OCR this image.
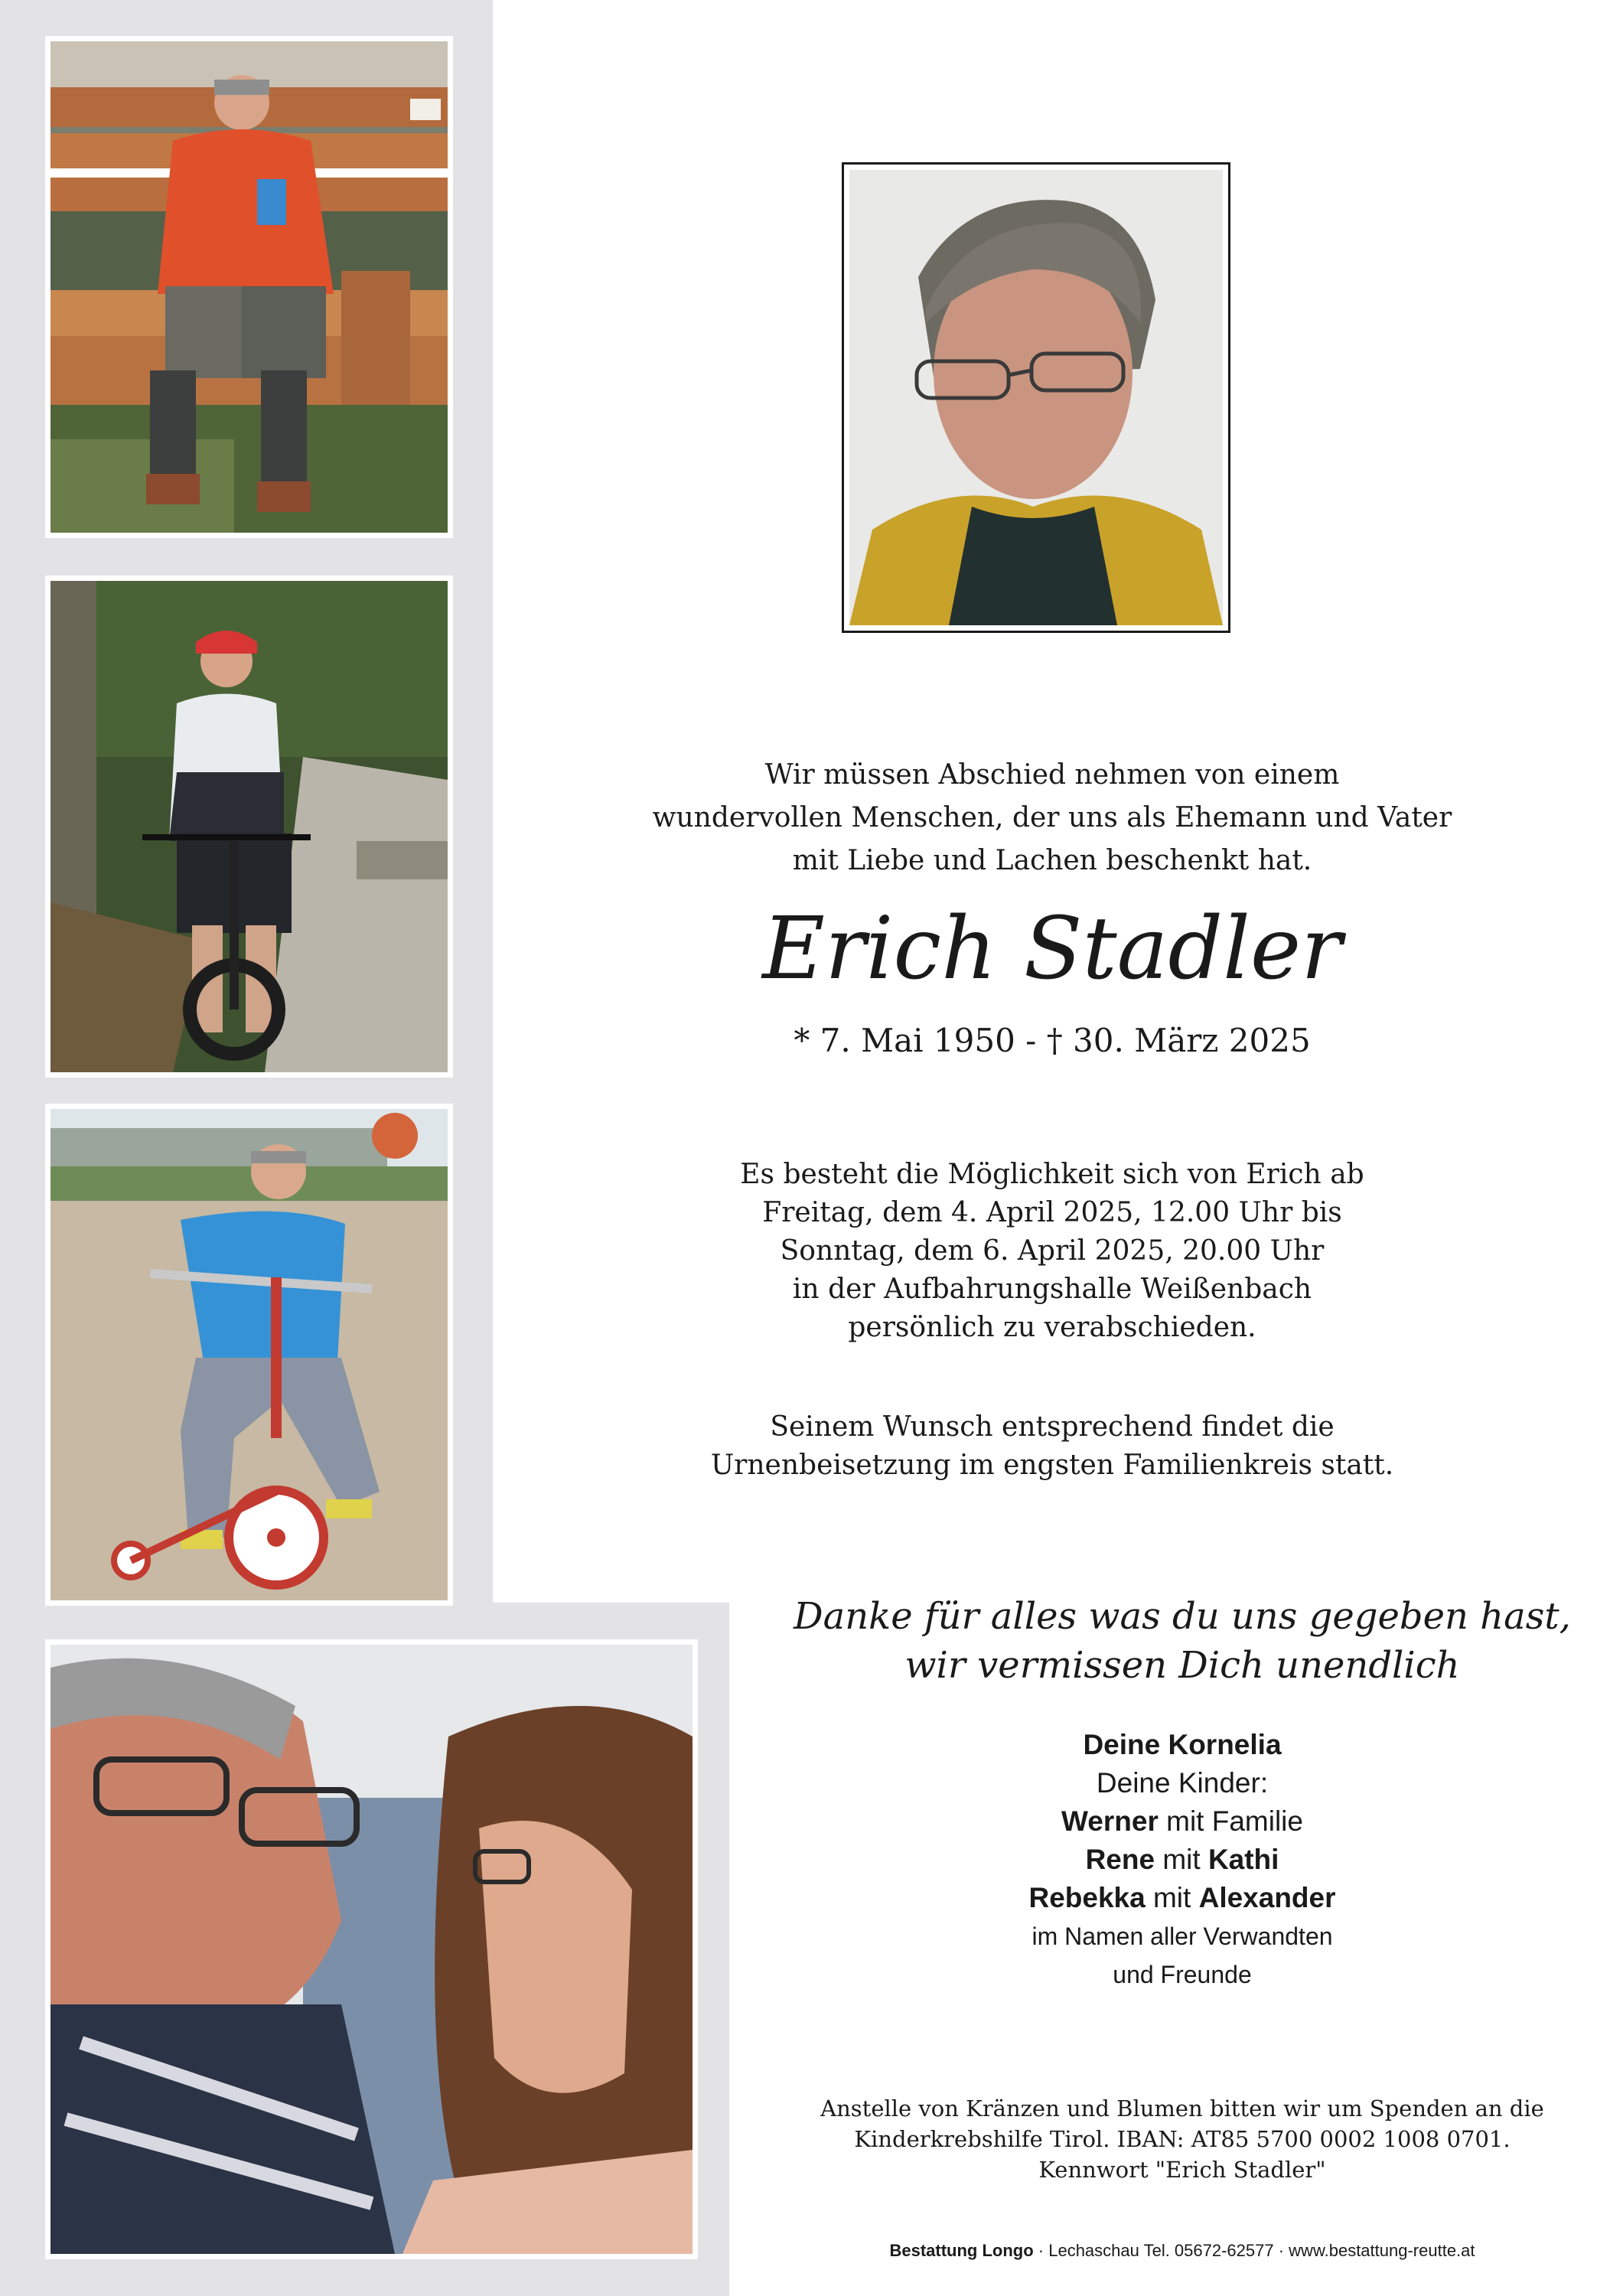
Wir müssen Abschied nehmen von einem
wundervollen Menschen, der uns als Ehemann und Vater
mit Liebe und Lachen beschenkt hat.
Erich Stadler
* 7. Mai 1950 - † 30. März 2025
Es besteht die Möglichkeit sich von Erich ab
Freitag, dem 4. April 2025, 12.00 Uhr bis
Sonntag, dem 6. April 2025, 20.00 Uhr
in der Aufbahrungshalle Weißenbach
persönlich zu verabschieden.
Seinem Wunsch entsprechend findet die
Urnenbeisetzung im engsten Familienkreis statt.
Danke für alles was du uns gegeben hast,
wir vermissen Dich unendlich
Deine Kornelia
Deine Kinder:
Werner mit Familie
Rene mit Kathi
Rebekka mit Alexander
im Namen aller Verwandten
und Freunde
Anstelle von Kränzen und Blumen bitten wir um Spenden an die
Kinderkrebshilfe Tirol. IBAN: AT85 5700 0002 1008 0701.
Kennwort "Erich Stadler"
Bestattung Longo · Lechaschau Tel. 05672-62577 · www.bestattung-reutte.at
